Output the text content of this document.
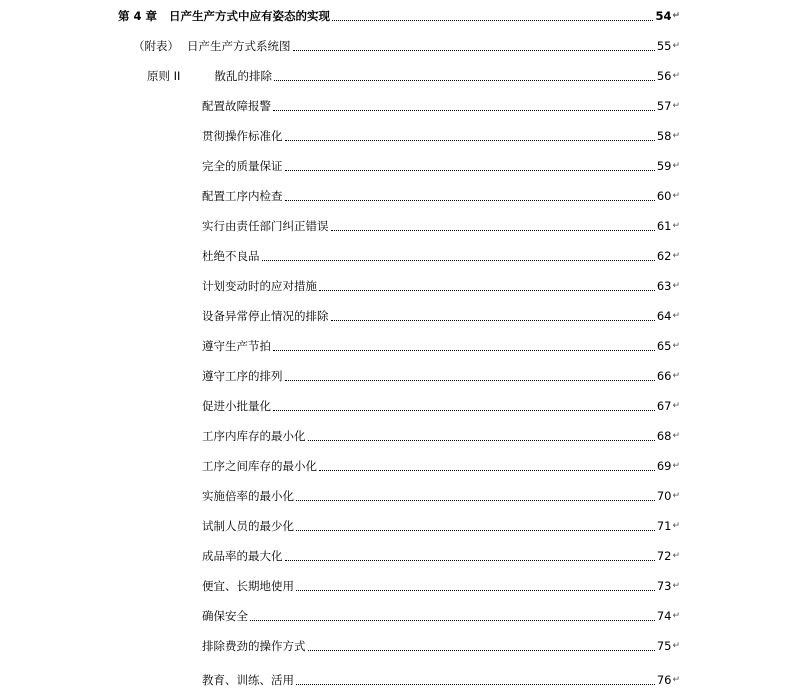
第 4 章 日产生产方式中应有姿态的实现	54 ↵
（附表） 日产生产方式系统图	55 ↵
原则 II	散乱的排除	56 ↵
配置故障报警	57 ↵
贯彻操作标准化	58 ↵
完全的质量保证	59 ↵
配置工序内检查	60 ↵
实行由责任部门纠正错误	61 ↵
杜绝不良品	62 ↵
计划变动时的应对措施	63 ↵
设备异常停止情况的排除	64 ↵
遵守生产节拍	65 ↵
遵守工序的排列	66 ↵
促进小批量化	67 ↵
工序内库存的最小化	68 ↵
工序之间库存的最小化	69 ↵
实施倍率的最小化	70 ↵
试制人员的最少化	71 ↵
成品率的最大化	72 ↵
便宜、长期地使用	73 ↵
确保安全	74 ↵
排除费劲的操作方式	75 ↵
教育、训练、活用	76 ↵
